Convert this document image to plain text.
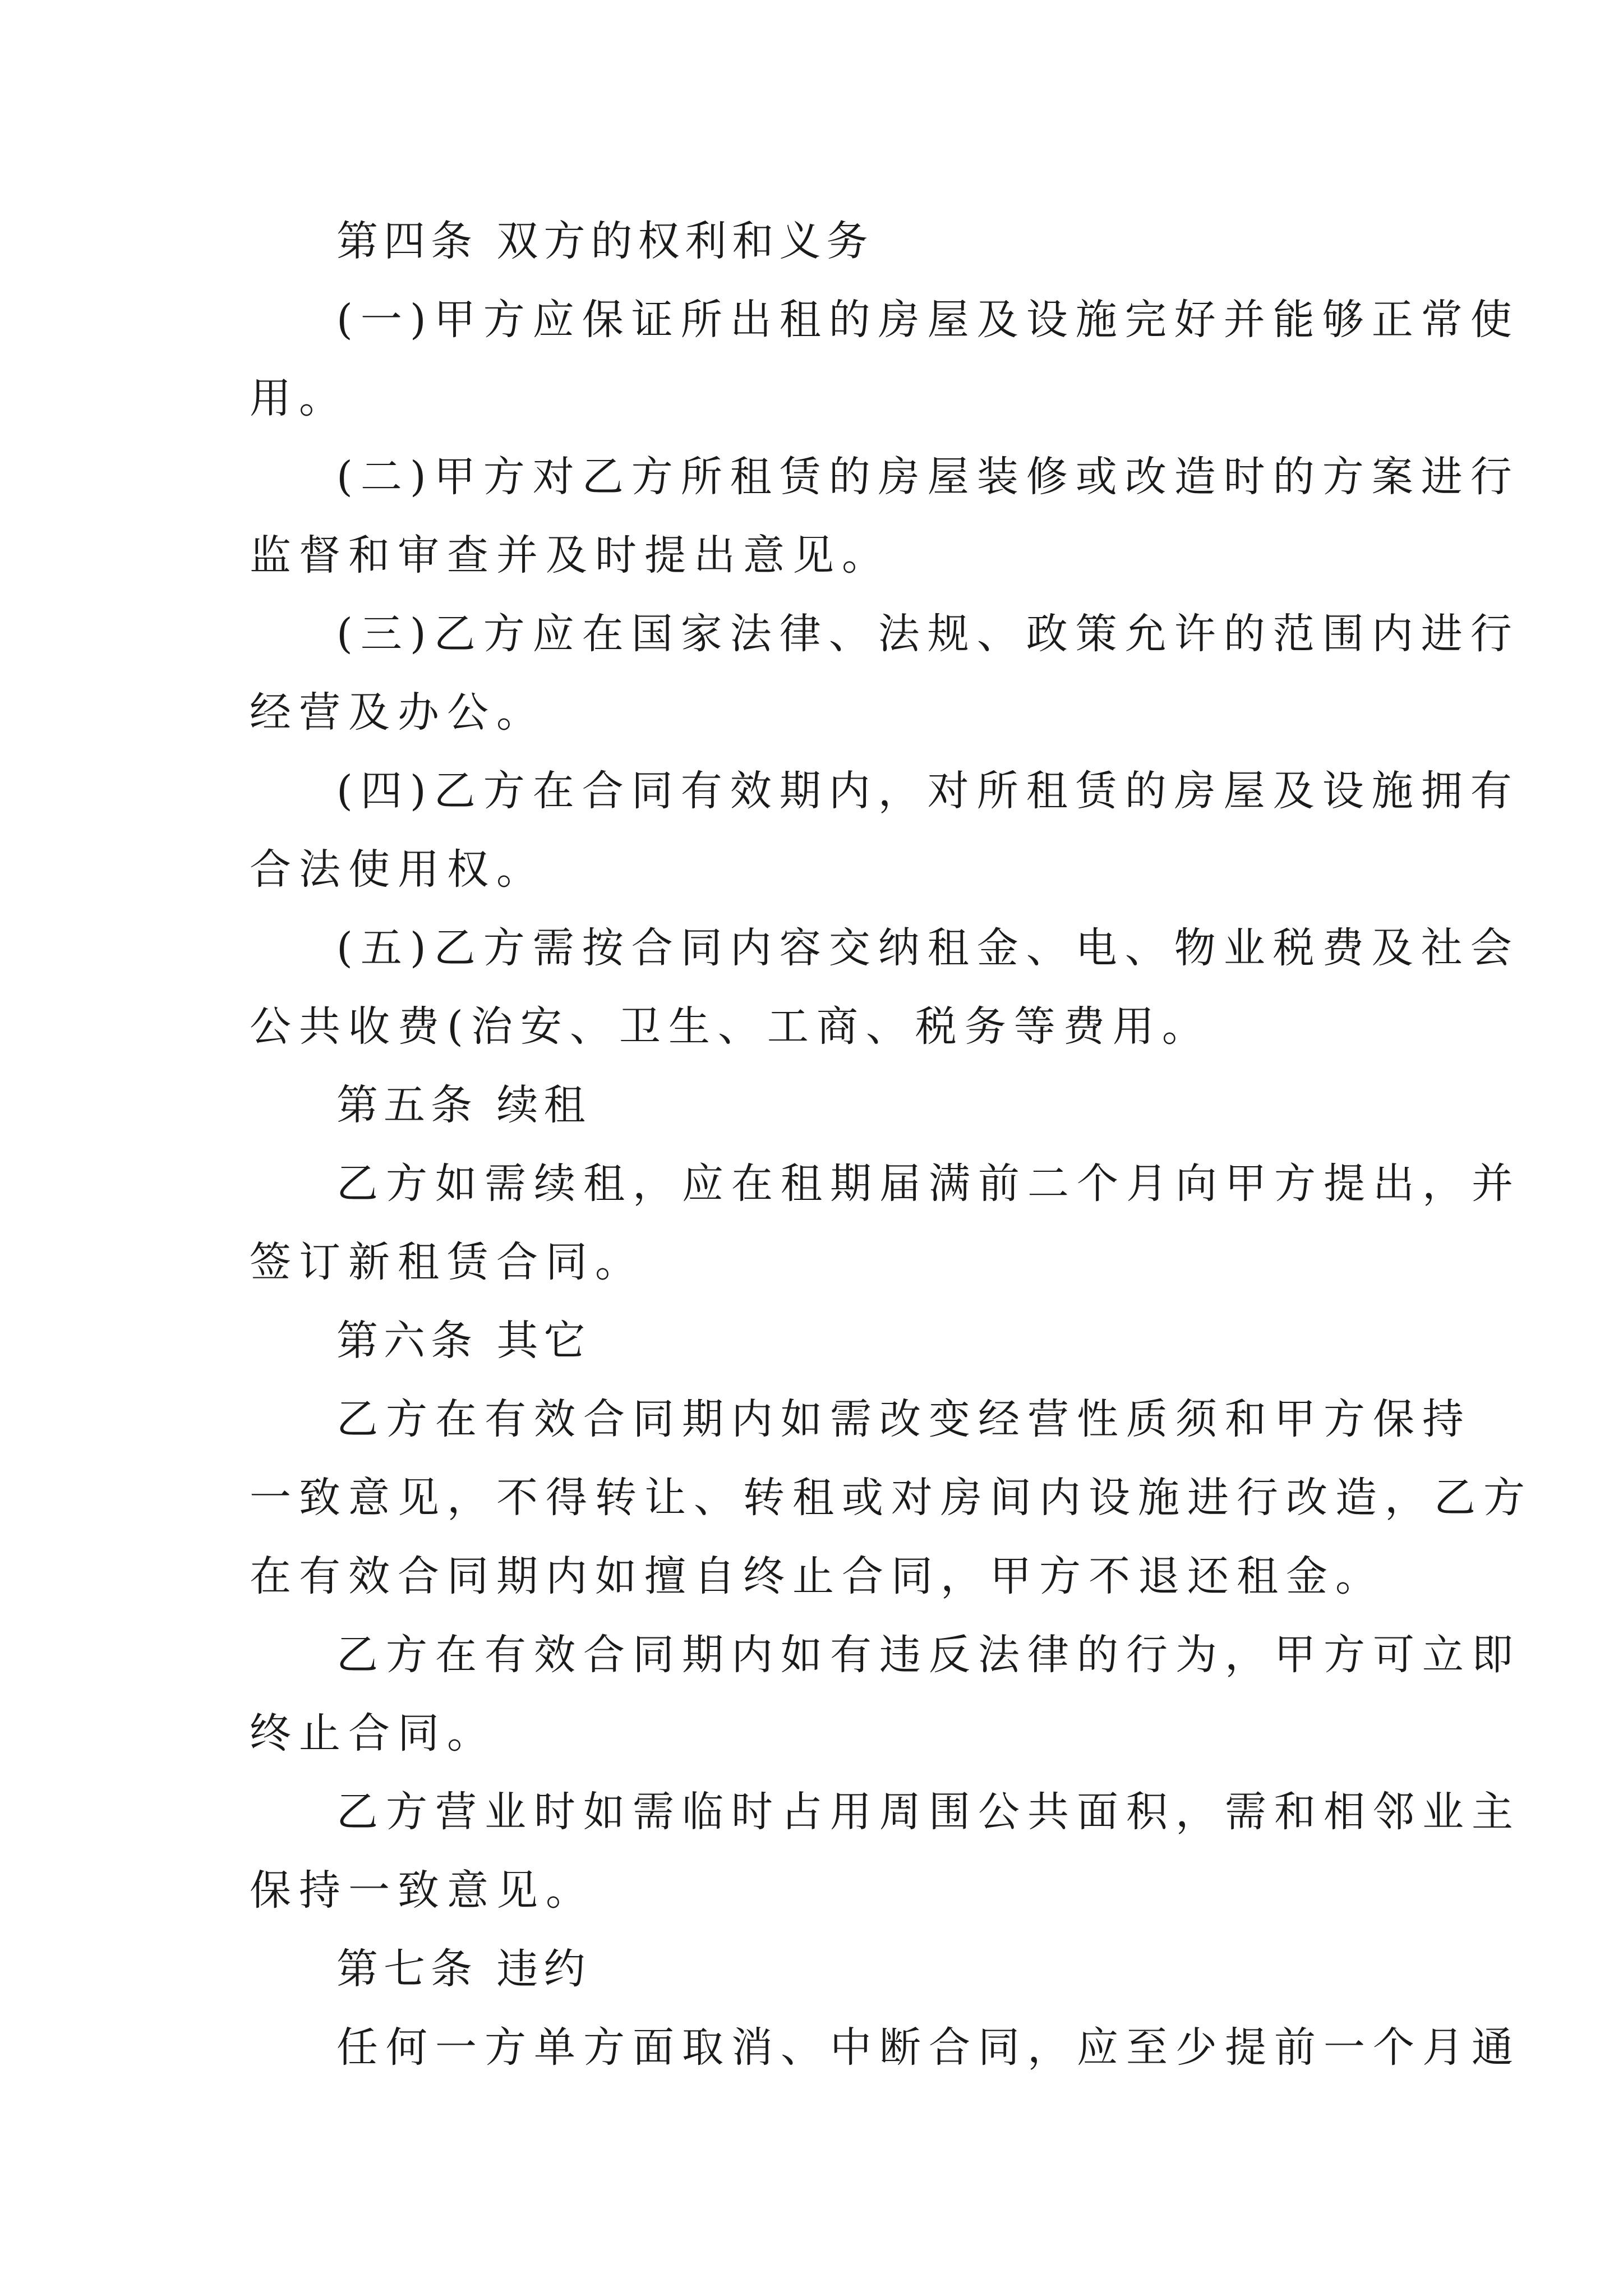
第四条 双方的权利和义务
(一)甲方应保证所出租的房屋及设施完好并能够正常使
用。
(二)甲方对乙方所租赁的房屋装修或改造时的方案进行
监督和审查并及时提出意见。
(三)乙方应在国家法律、法规、政策允许的范围内进行
经营及办公。
(四)乙方在合同有效期内，对所租赁的房屋及设施拥有
合法使用权。
(五)乙方需按合同内容交纳租金、电、物业税费及社会
公共收费(治安、卫生、工商、税务等费用。
第五条 续租
乙方如需续租，应在租期届满前二个月向甲方提出，并
签订新租赁合同。
第六条 其它
乙方在有效合同期内如需改变经营性质须和甲方保持
一致意见，不得转让、转租或对房间内设施进行改造，乙方
在有效合同期内如擅自终止合同，甲方不退还租金。
乙方在有效合同期内如有违反法律的行为，甲方可立即
终止合同。
乙方营业时如需临时占用周围公共面积，需和相邻业主
保持一致意见。
第七条 违约
任何一方单方面取消、中断合同，应至少提前一个月通
